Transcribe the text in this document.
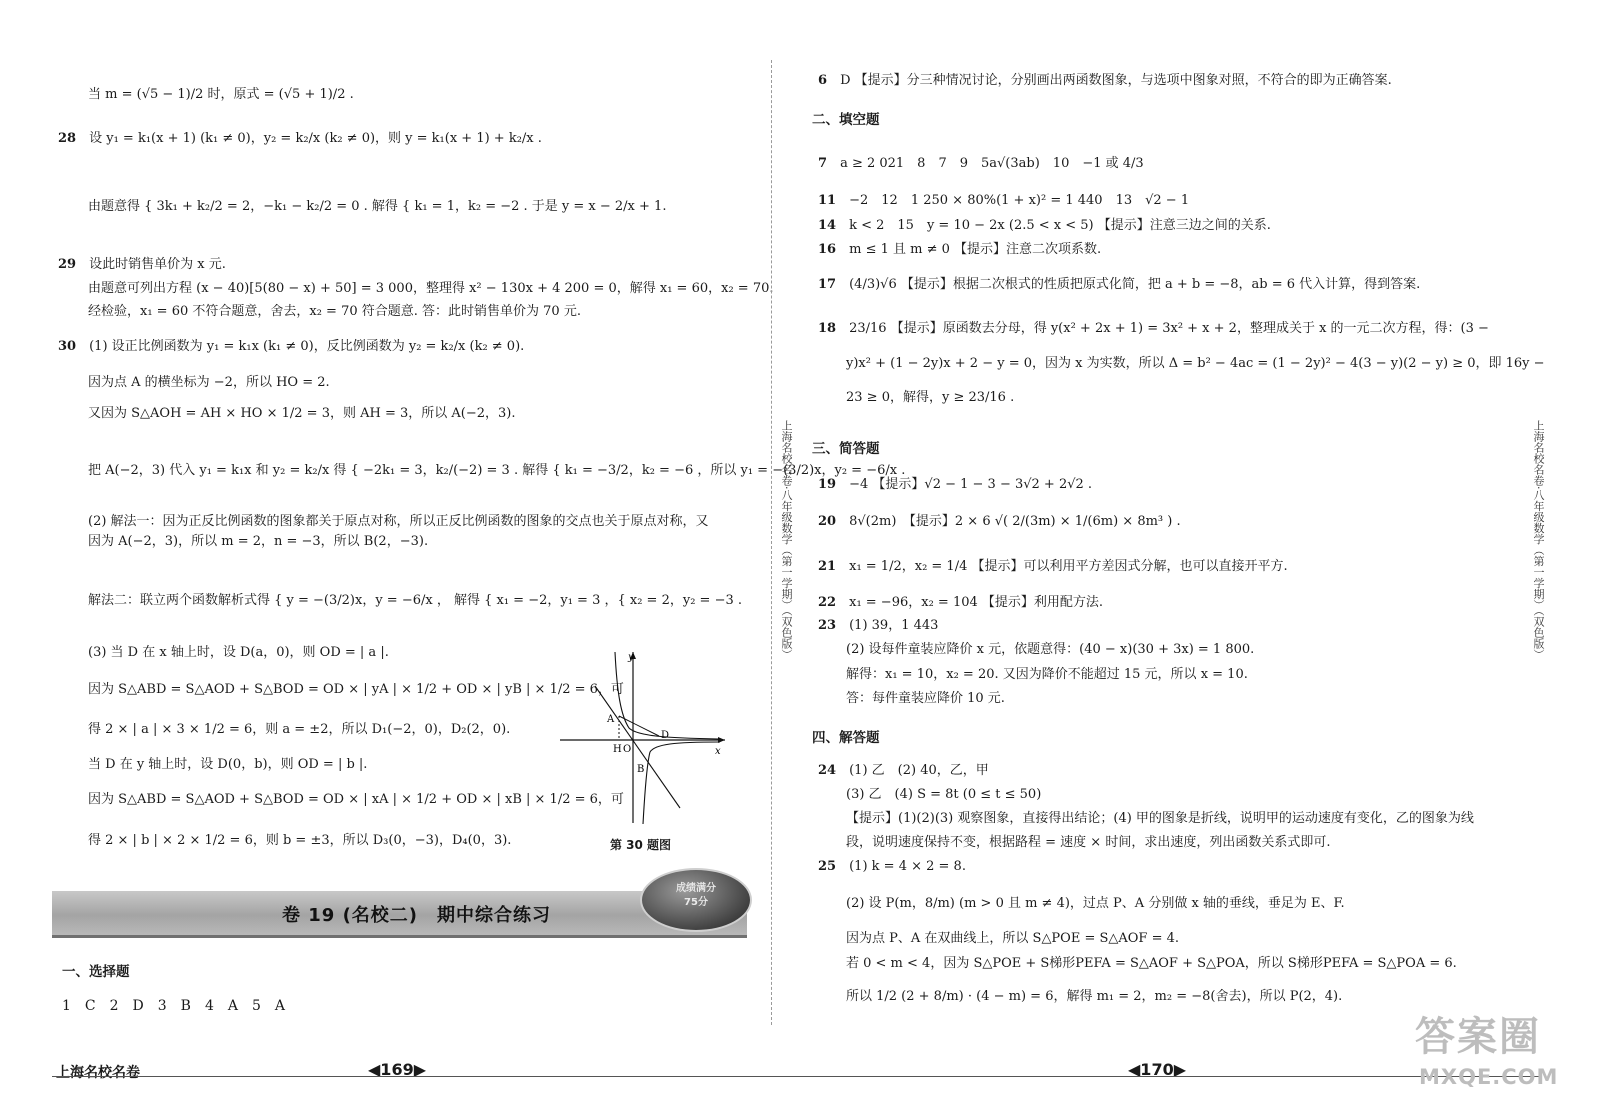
当 m = (√5 − 1)/2 时，原式 = (√5 + 1)/2 .
28　 设 y₁ = k₁(x + 1) (k₁ ≠ 0)，y₂ = k₂/x (k₂ ≠ 0)，则 y = k₁(x + 1) + k₂/x .
由题意得 { 3k₁ + k₂/2 = 2，−k₁ − k₂/2 = 0 . 解得 { k₁ = 1，k₂ = −2 . 于是 y = x − 2/x + 1.
29　 设此时销售单价为 x 元.
由题意可列出方程 (x − 40)[5(80 − x) + 50] = 3 000，整理得 x² − 130x + 4 200 = 0，解得 x₁ = 60，x₂ = 70.
经检验，x₁ = 60 不符合题意，舍去，x₂ = 70 符合题意. 答：此时销售单价为 70 元.
30　 (1) 设正比例函数为 y₁ = k₁x (k₁ ≠ 0)，反比例函数为 y₂ = k₂/x (k₂ ≠ 0).
因为点 A 的横坐标为 −2，所以 HO = 2.
又因为 S△AOH = AH × HO × 1/2 = 3，则 AH = 3，所以 A(−2，3).
把 A(−2，3) 代入 y₁ = k₁x 和 y₂ = k₂/x 得 { −2k₁ = 3，k₂/(−2) = 3 . 解得 { k₁ = −3/2，k₂ = −6 ，所以 y₁ = −(3/2)x，y₂ = −6/x .
(2) 解法一：因为正反比例函数的图象都关于原点对称，所以正反比例函数的图象的交点也关于原点对称，又
因为 A(−2，3)，所以 m = 2，n = −3，所以 B(2，−3).
解法二：联立两个函数解析式得 { y = −(3/2)x，y = −6/x ， 解得 { x₁ = −2，y₁ = 3 ，{ x₂ = 2，y₂ = −3 .
(3) 当 D 在 x 轴上时，设 D(a，0)，则 OD = | a |.
因为 S△ABD = S△AOD + S△BOD = OD × | yA | × 1/2 + OD × | yB | × 1/2 = 6，可
得 2 × | a | × 3 × 1/2 = 6，则 a = ±2，所以 D₁(−2，0)，D₂(2，0).
当 D 在 y 轴上时，设 D(0，b)，则 OD = | b |.
因为 S△ABD = S△AOD + S△BOD = OD × | xA | × 1/2 + OD × | xB | × 1/2 = 6，可
得 2 × | b | × 2 × 1/2 = 6，则 b = ±3，所以 D₃(0，−3)，D₄(0，3).
y
x
A
D
H O
B
第 30 题图
卷 19 (名校二)　期中综合练习
成绩满分
75分
一、选择题
1　C　2　D　3　B　4　A　5　A
上海名校名卷·八年级数学（第一学期）（双色版）	上海名校名卷·八年级数学（第一学期）（双色版）
6　 D 【提示】分三种情况讨论，分别画出两函数图象，与选项中图象对照，不符合的即为正确答案.
二、填空题
7　 a ≥ 2 021　8　7　9　5a√(3ab)　10　−1 或 4/3
11　 −2　12　1 250 × 80%(1 + x)² = 1 440　13　√2 − 1
14　 k < 2　15　y = 10 − 2x (2.5 < x < 5) 【提示】注意三边之间的关系.
16　 m ≤ 1 且 m ≠ 0 【提示】注意二次项系数.
17　 (4/3)√6 【提示】根据二次根式的性质把原式化简，把 a + b = −8，ab = 6 代入计算，得到答案.
18　 23/16 【提示】原函数去分母，得 y(x² + 2x + 1) = 3x² + x + 2，整理成关于 x 的一元二次方程，得：(3 −
y)x² + (1 − 2y)x + 2 − y = 0，因为 x 为实数，所以 Δ = b² − 4ac = (1 − 2y)² − 4(3 − y)(2 − y) ≥ 0，即 16y −
23 ≥ 0，解得，y ≥ 23/16 .
三、简答题
19　 −4 【提示】√2 − 1 − 3 − 3√2 + 2√2 .
20　 8√(2m)　【提示】2 × 6 √( 2/(3m) × 1/(6m) × 8m³ ) .
21　 x₁ = 1/2，x₂ = 1/4 【提示】可以利用平方差因式分解，也可以直接开平方.
22　 x₁ = −96，x₂ = 104 【提示】利用配方法.
23　 (1) 39，1 443
(2) 设每件童装应降价 x 元，依题意得：(40 − x)(30 + 3x) = 1 800.
解得：x₁ = 10，x₂ = 20. 又因为降价不能超过 15 元，所以 x = 10.
答：每件童装应降价 10 元.
四、解答题
24　 (1) 乙　(2) 40，乙，甲
(3) 乙　(4) S = 8t (0 ≤ t ≤ 50)
【提示】(1)(2)(3) 观察图象，直接得出结论；(4) 甲的图象是折线，说明甲的运动速度有变化，乙的图象为线
段，说明速度保持不变，根据路程 = 速度 × 时间，求出速度，列出函数关系式即可.
25　 (1) k = 4 × 2 = 8.
(2) 设 P(m，8/m) (m > 0 且 m ≠ 4)，过点 P、A 分别做 x 轴的垂线，垂足为 E、F.
因为点 P、A 在双曲线上，所以 S△POE = S△AOF = 4.
若 0 < m < 4，因为 S△POE + S梯形PEFA = S△AOF + S△POA，所以 S梯形PEFA = S△POA = 6.
所以 1/2 (2 + 8/m) · (4 − m) = 6，解得 m₁ = 2，m₂ = −8(舍去)，所以 P(2，4).
上海名校名卷	◀169▶	◀170▶
答案圈
MXQE.COM
